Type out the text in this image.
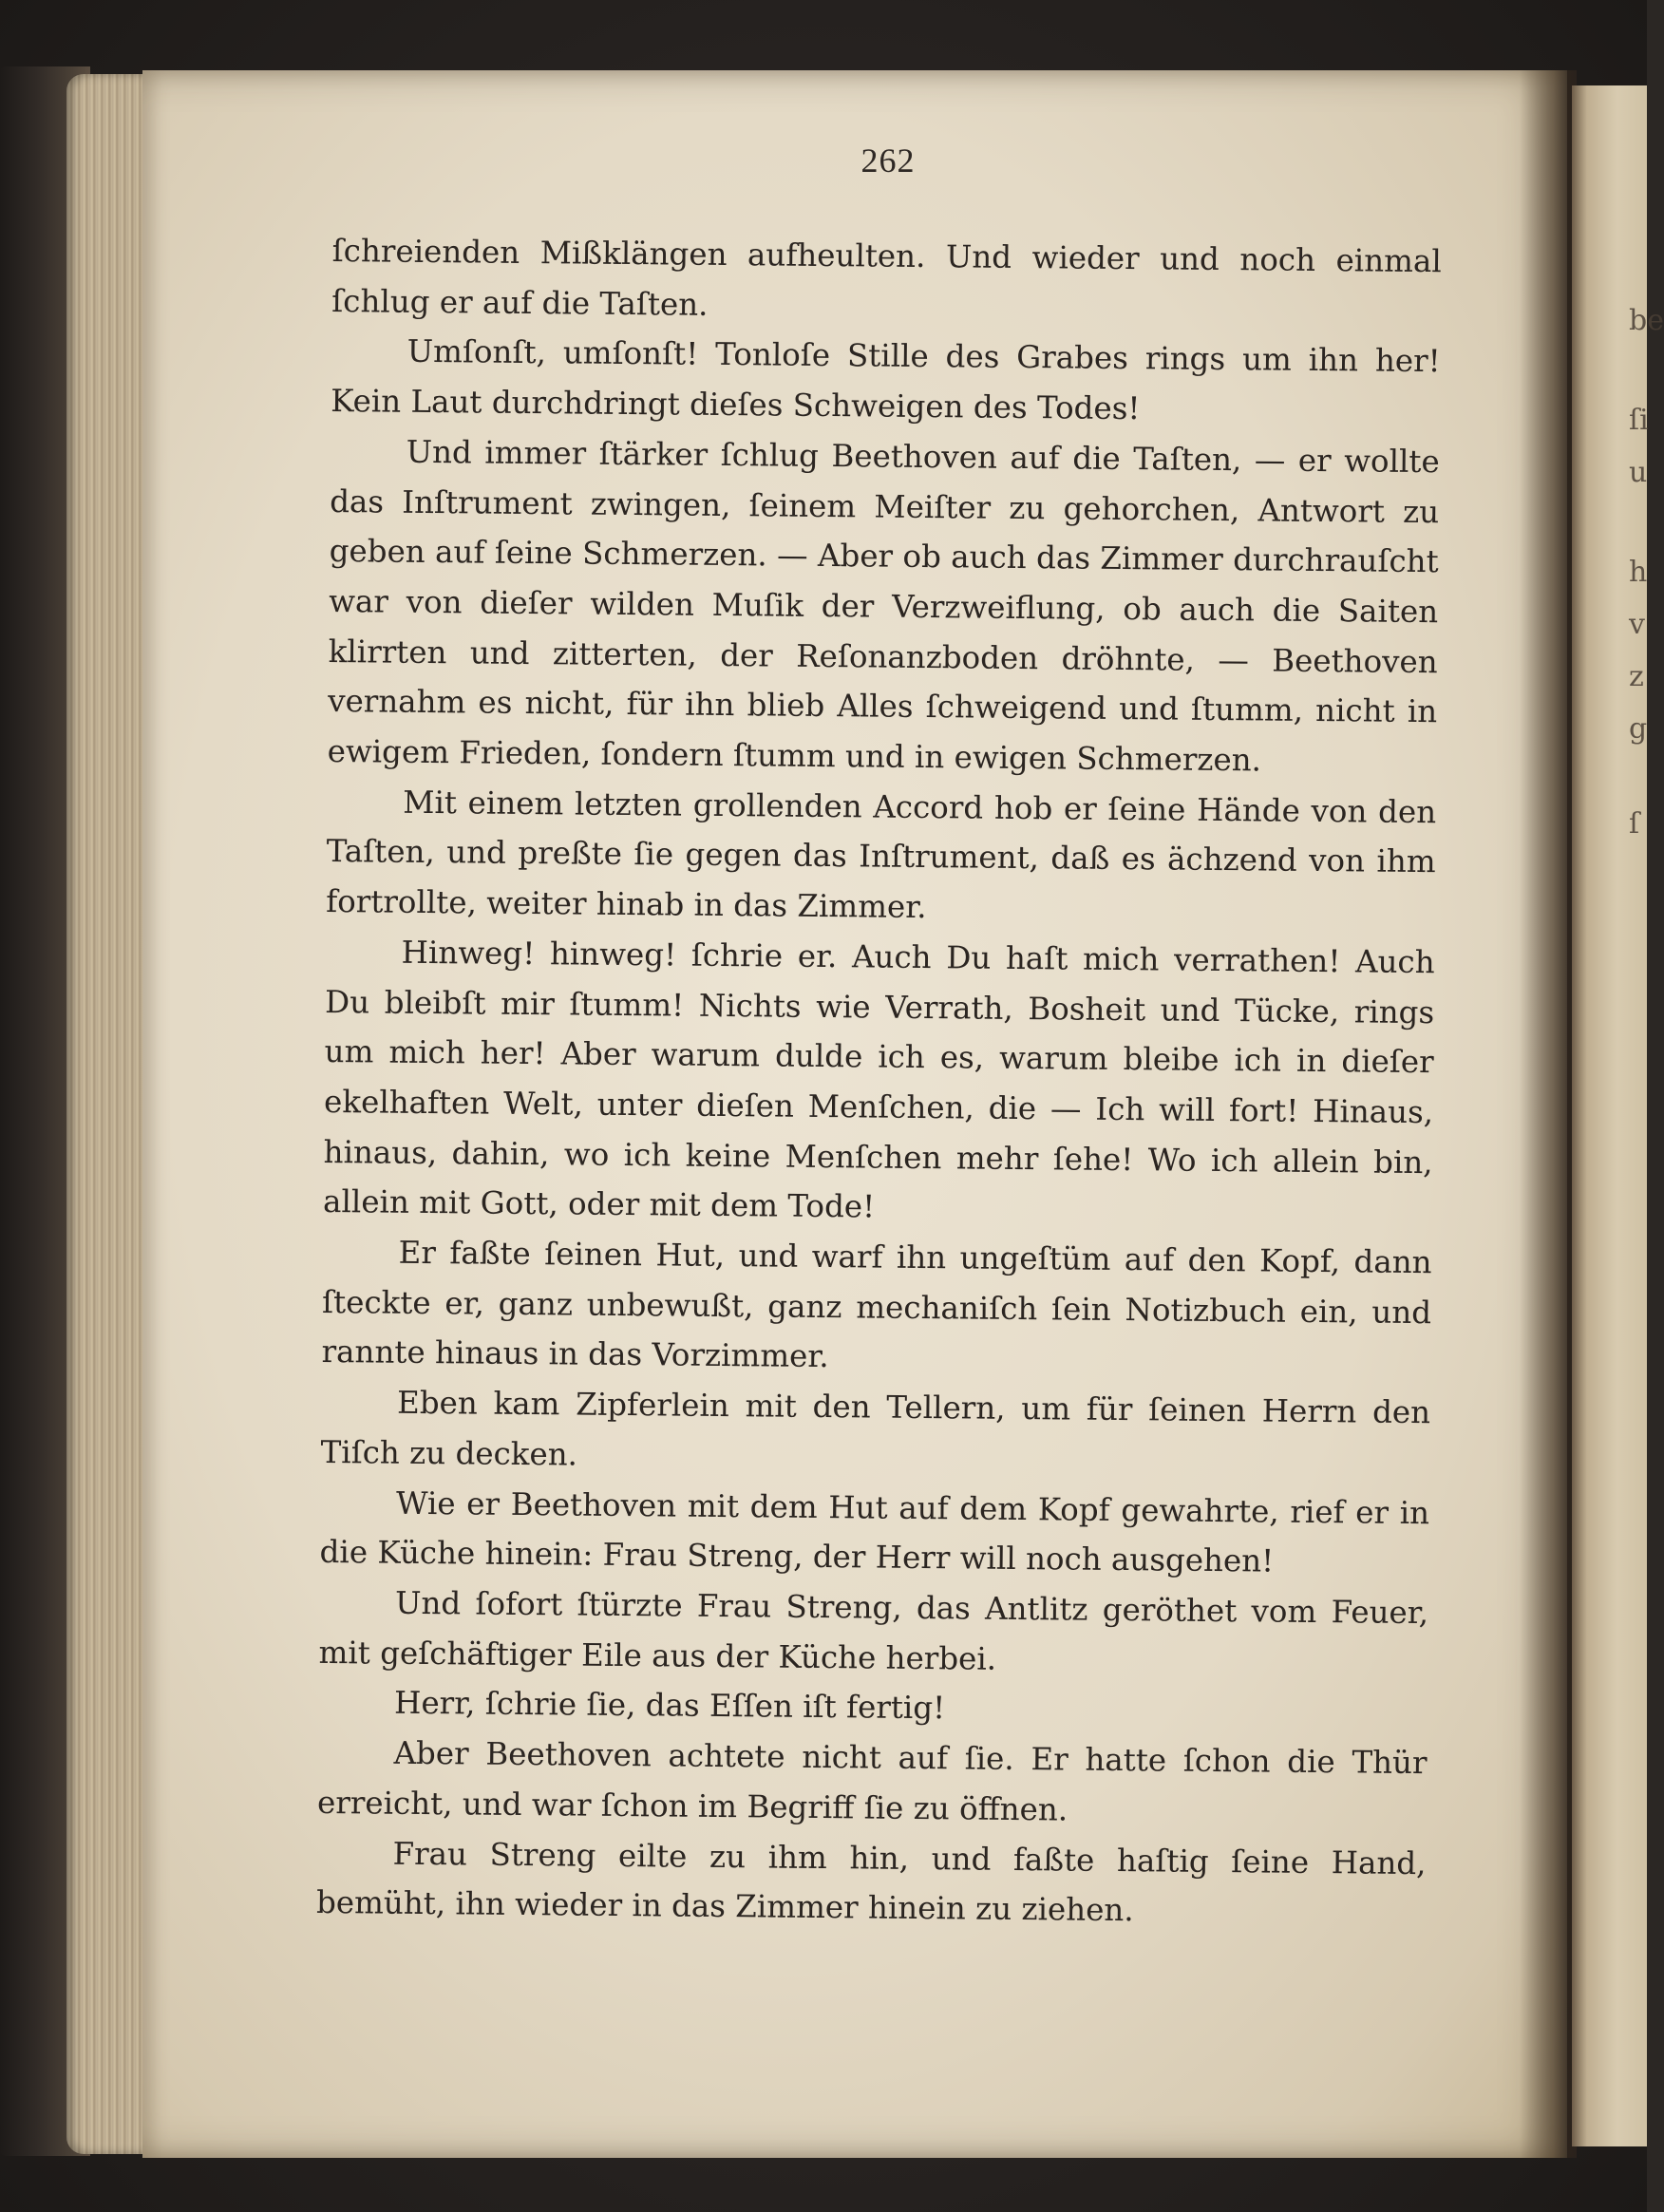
262

ſchreienden Mißklängen aufheulten. Und wieder und noch einmal ſchlug er auf die Taſten.

Umſonſt, umſonſt! Tonloſe Stille des Grabes rings um ihn her! Kein Laut durchdringt dieſes Schweigen des Todes!

Und immer ſtärker ſchlug Beethoven auf die Taſten, — er wollte das Inſtrument zwingen, ſeinem Meiſter zu gehorchen, Antwort zu geben auf ſeine Schmerzen. — Aber ob auch das Zimmer durchrauſcht war von dieſer wilden Muſik der Verzweiflung, ob auch die Saiten klirrten und zitterten, der Reſonanzboden dröhnte, — Beethoven vernahm es nicht, für ihn blieb Alles ſchweigend und ſtumm, nicht in ewigem Frieden, ſondern ſtumm und in ewigen Schmerzen.

Mit einem letzten grollenden Accord hob er ſeine Hände von den Taſten, und preßte ſie gegen das Inſtrument, daß es ächzend von ihm fortrollte, weiter hinab in das Zimmer.

Hinweg! hinweg! ſchrie er. Auch Du haſt mich verrathen! Auch Du bleibſt mir ſtumm! Nichts wie Verrath, Bosheit und Tücke, rings um mich her! Aber warum dulde ich es, warum bleibe ich in dieſer ekelhaften Welt, unter dieſen Menſchen, die — Ich will fort! Hinaus, hinaus, dahin, wo ich keine Menſchen mehr ſehe! Wo ich allein bin, allein mit Gott, oder mit dem Tode!

Er faßte ſeinen Hut, und warf ihn ungeſtüm auf den Kopf, dann ſteckte er, ganz unbewußt, ganz mechaniſch ſein Notizbuch ein, und rannte hinaus in das Vorzimmer.

Eben kam Zipferlein mit den Tellern, um für ſeinen Herrn den Tiſch zu decken.

Wie er Beethoven mit dem Hut auf dem Kopf gewahrte, rief er in die Küche hinein: Frau Streng, der Herr will noch ausgehen!

Und ſofort ſtürzte Frau Streng, das Antlitz geröthet vom Feuer, mit geſchäftiger Eile aus der Küche herbei.

Herr, ſchrie ſie, das Eſſen iſt fertig!

Aber Beethoven achtete nicht auf ſie. Er hatte ſchon die Thür erreicht, und war ſchon im Begriff ſie zu öffnen.

Frau Streng eilte zu ihm hin, und faßte haſtig ſeine Hand, bemüht, ihn wieder in das Zimmer hinein zu ziehen.

be
ſi
u
h
v
z
g
ſ
